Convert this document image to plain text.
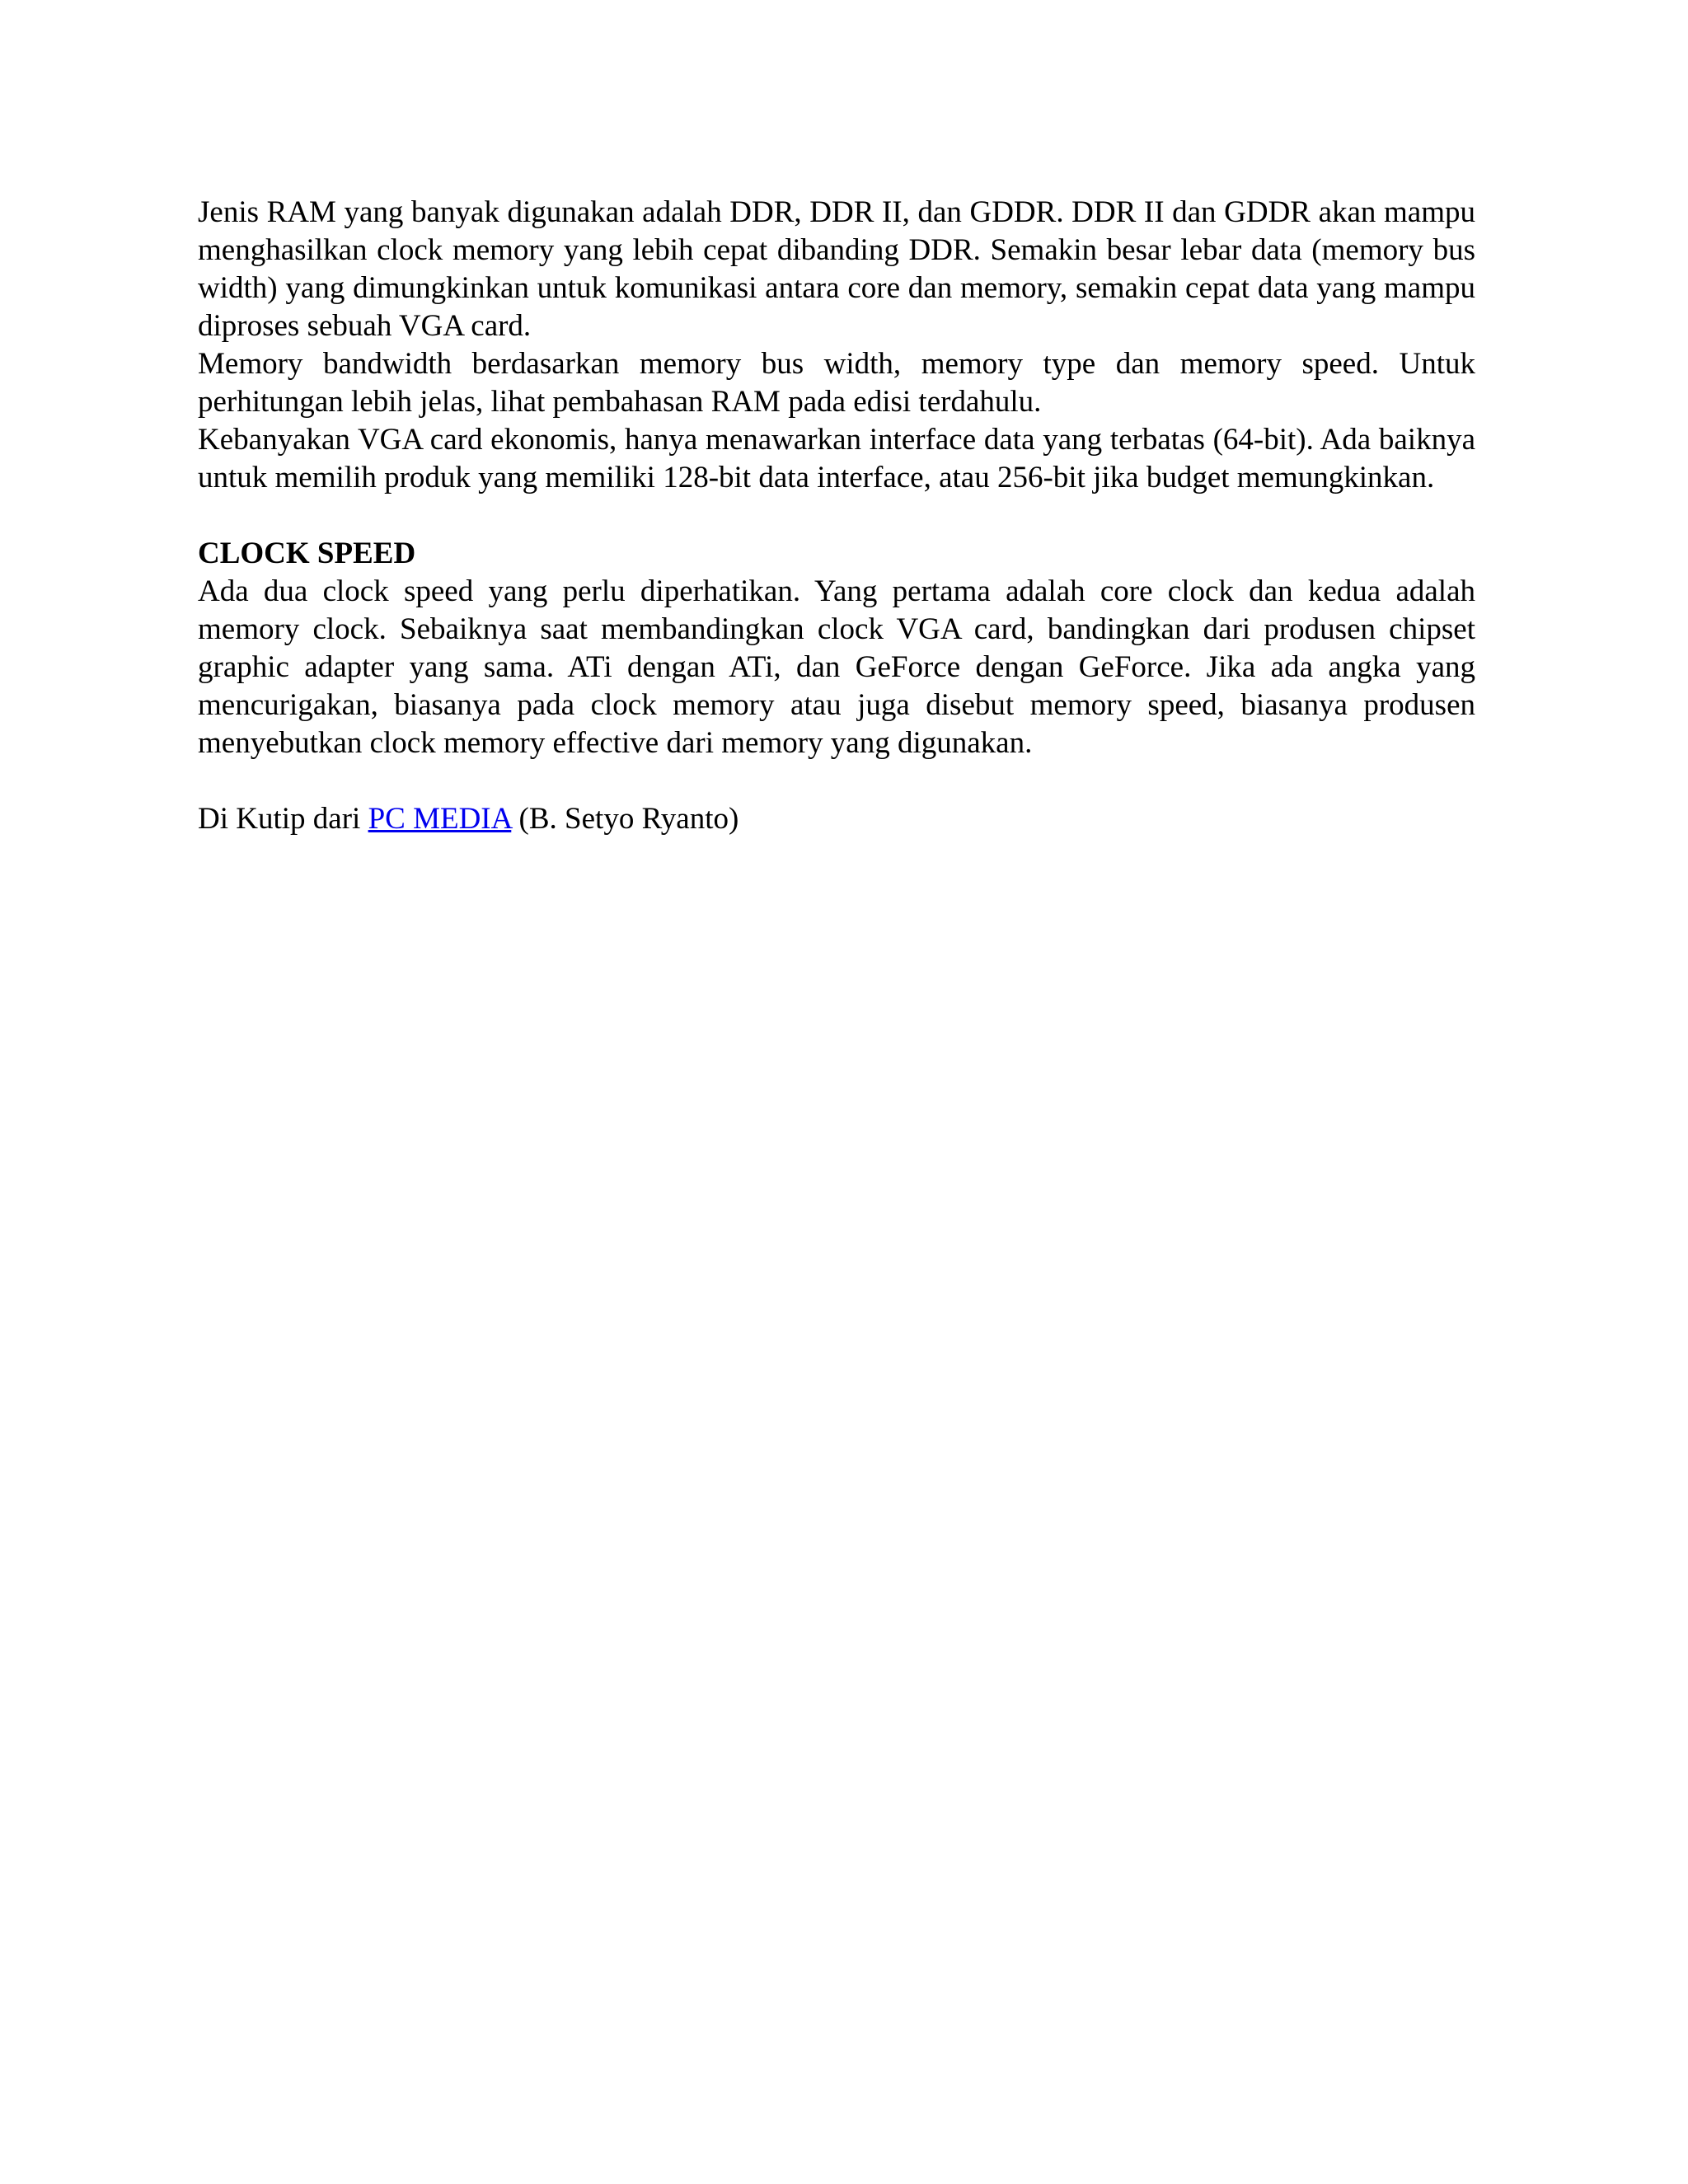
Jenis RAM yang banyak digunakan adalah DDR, DDR II, dan GDDR. DDR II dan GDDR akan mampu menghasilkan clock memory yang lebih cepat dibanding DDR. Semakin besar lebar data (memory bus width) yang dimungkinkan untuk komunikasi antara core dan memory, semakin cepat data yang mampu diproses sebuah VGA card.

Memory bandwidth berdasarkan memory bus width, memory type dan memory speed. Untuk perhitungan lebih jelas, lihat pembahasan RAM pada edisi terdahulu.

Kebanyakan VGA card ekonomis, hanya menawarkan interface data yang terbatas (64-bit). Ada baiknya untuk memilih produk yang memiliki 128-bit data interface, atau 256-bit jika budget memungkinkan.

CLOCK SPEED

Ada dua clock speed yang perlu diperhatikan. Yang pertama adalah core clock dan kedua adalah memory clock. Sebaiknya saat membandingkan clock VGA card, bandingkan dari produsen chipset graphic adapter yang sama. ATi dengan ATi, dan GeForce dengan GeForce. Jika ada angka yang mencurigakan, biasanya pada clock memory atau juga disebut memory speed, biasanya produsen menyebutkan clock memory effective dari memory yang digunakan.

Di Kutip dari PC MEDIA (B. Setyo Ryanto)
